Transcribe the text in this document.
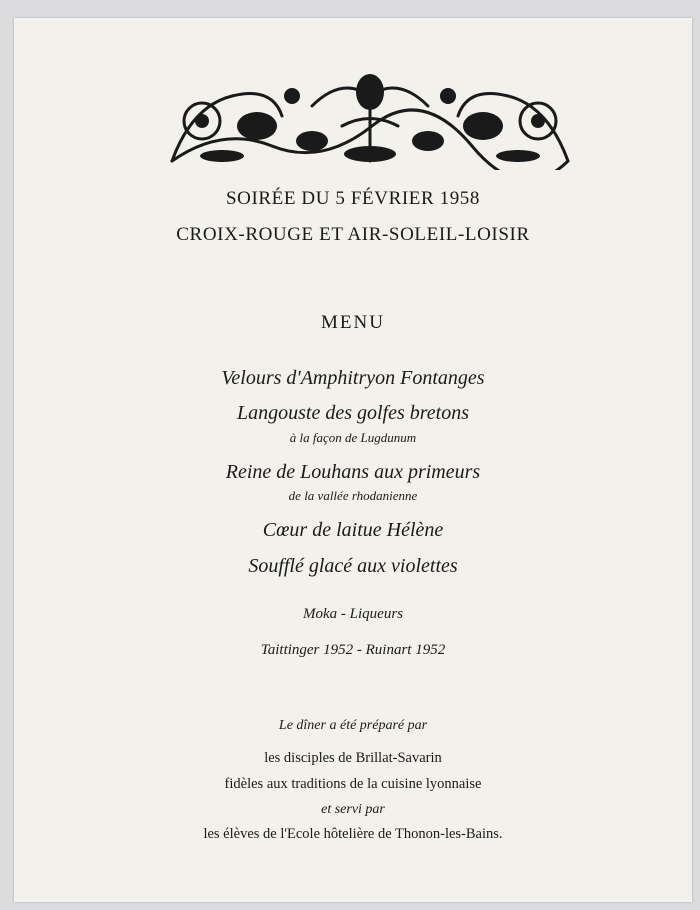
SOIRÉE DU 5 FÉVRIER 1958

CROIX-ROUGE ET AIR-SOLEIL-LOISIR

MENU

Velours d'Amphitryon Fontanges

Langouste des golfes bretons

à la façon de Lugdunum

Reine de Louhans aux primeurs

de la vallée rhodanienne

Cœur de laitue Hélène

Soufflé glacé aux violettes

Moka - Liqueurs

Taittinger 1952 - Ruinart 1952

Le dîner a été préparé par

les disciples de Brillat-Savarin

fidèles aux traditions de la cuisine lyonnaise

et servi par

les élèves de l'Ecole hôtelière de Thonon-les-Bains.
